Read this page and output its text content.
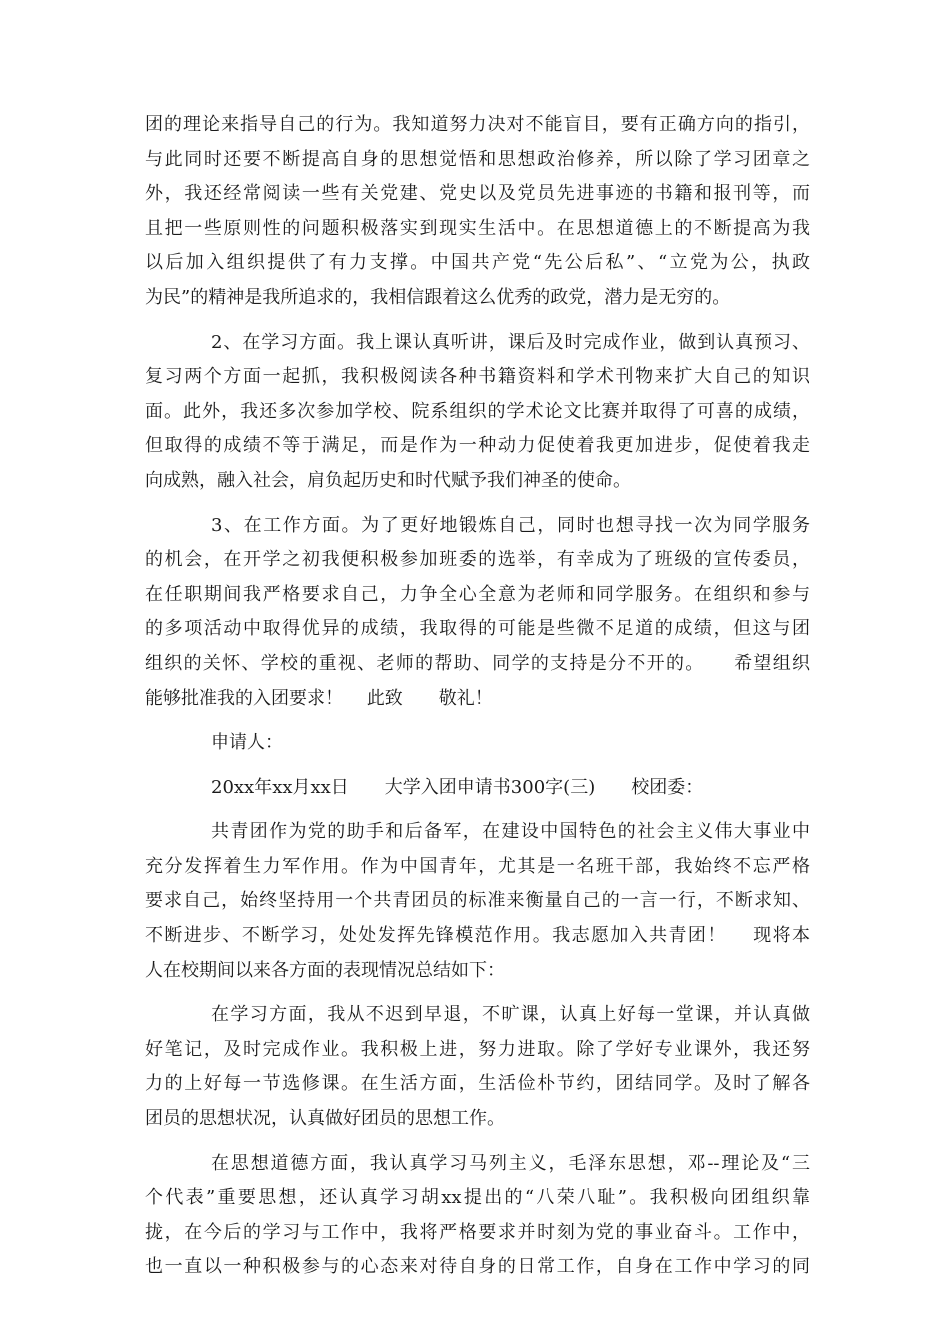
团的理论来指导自己的行为。我知道努力决对不能盲目，要有正确方向的指引，
与此同时还要不断提高自身的思想觉悟和思想政治修养，所以除了学习团章之
外，我还经常阅读一些有关党建、党史以及党员先进事迹的书籍和报刊等，而
且把一些原则性的问题积极落实到现实生活中。在思想道德上的不断提高为我
以后加入组织提供了有力支撑。中国共产党“先公后私”、“立党为公，执政
为民”的精神是我所追求的，我相信跟着这么优秀的政党，潜力是无穷的。
2、在学习方面。我上课认真听讲，课后及时完成作业，做到认真预习、
复习两个方面一起抓，我积极阅读各种书籍资料和学术刊物来扩大自己的知识
面。此外，我还多次参加学校、院系组织的学术论文比赛并取得了可喜的成绩，
但取得的成绩不等于满足，而是作为一种动力促使着我更加进步，促使着我走
向成熟，融入社会，肩负起历史和时代赋予我们神圣的使命。
3、在工作方面。为了更好地锻炼自己，同时也想寻找一次为同学服务
的机会，在开学之初我便积极参加班委的选举，有幸成为了班级的宣传委员，
在任职期间我严格要求自己，力争全心全意为老师和同学服务。在组织和参与
的多项活动中取得优异的成绩，我取得的可能是些微不足道的成绩，但这与团
组织的关怀、学校的重视、老师的帮助、同学的支持是分不开的。　　希望组织
能够批准我的入团要求！　 此致　　敬礼！
申请人：
20xx年xx月xx日　　大学入团申请书300字(三)　　校团委：
共青团作为党的助手和后备军，在建设中国特色的社会主义伟大事业中
充分发挥着生力军作用。作为中国青年，尤其是一名班干部，我始终不忘严格
要求自己，始终坚持用一个共青团员的标准来衡量自己的一言一行，不断求知、
不断进步、不断学习，处处发挥先锋模范作用。我志愿加入共青团！　 现将本
人在校期间以来各方面的表现情况总结如下：
在学习方面，我从不迟到早退，不旷课，认真上好每一堂课，并认真做
好笔记，及时完成作业。我积极上进，努力进取。除了学好专业课外，我还努
力的上好每一节选修课。在生活方面，生活俭朴节约，团结同学。及时了解各
团员的思想状况，认真做好团员的思想工作。
在思想道德方面，我认真学习马列主义，毛泽东思想，邓--理论及“三
个代表”重要思想，还认真学习胡xx提出的“八荣八耻”。我积极向团组织靠
拢，在今后的学习与工作中，我将严格要求并时刻为党的事业奋斗。工作中，
也一直以一种积极参与的心态来对待自身的日常工作，自身在工作中学习的同
